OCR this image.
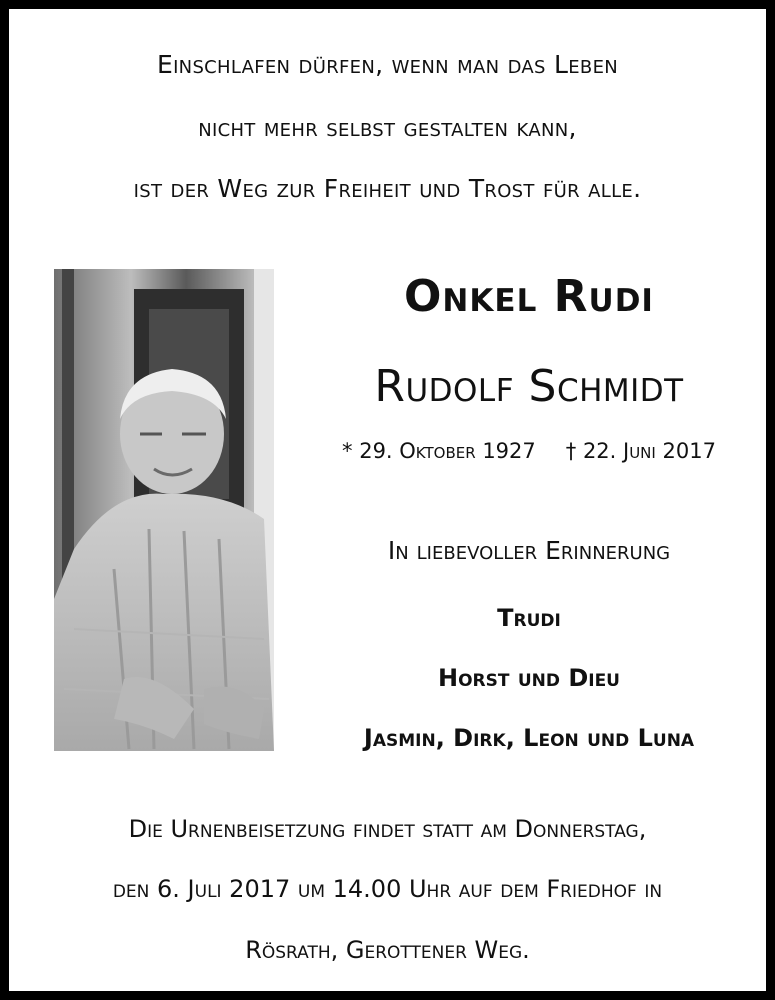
Einschlafen dürfen, wenn man das Leben
nicht mehr selbst gestalten kann,
ist der Weg zur Freiheit und Trost für alle.
Onkel Rudi
Rudolf Schmidt
* 29. Oktober 1927 † 22. Juni 2017
In liebevoller Erinnerung
Trudi
Horst und Dieu
Jasmin, Dirk, Leon und Luna
Die Urnenbeisetzung findet statt am Donnerstag,
den 6. Juli 2017 um 14.00 Uhr auf dem Friedhof in
Rösrath, Gerottener Weg.
